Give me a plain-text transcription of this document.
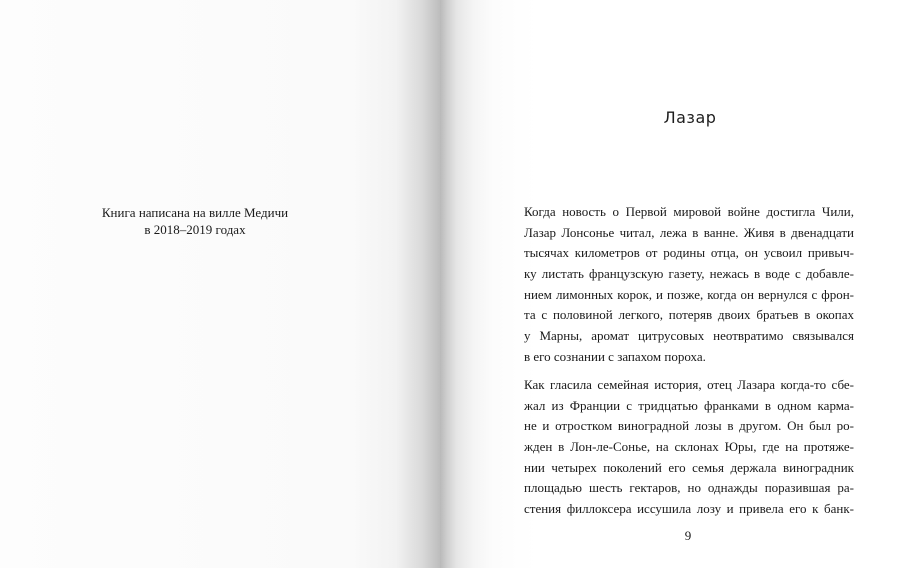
Книга написана на вилле Медичи
в 2018–2019 годах
Лазар
Когда новость о Первой мировой войне достигла Чили,
Лазар Лонсонье читал, лежа в ванне. Живя в двенадцати
тысячах километров от родины отца, он усвоил привыч-
ку листать французскую газету, нежась в воде с добавле-
нием лимонных корок, и позже, когда он вернулся с фрон-
та с половиной легкого, потеряв двоих братьев в окопах
у Марны, аромат цитрусовых неотвратимо связывался
в его сознании с запахом пороха.
Как гласила семейная история, отец Лазара когда-то сбе-
жал из Франции с тридцатью франками в одном карма-
не и отростком виноградной лозы в другом. Он был ро-
жден в Лон-ле-Сонье, на склонах Юры, где на протяже-
нии четырех поколений его семья держала виноградник
площадью шесть гектаров, но однажды поразившая ра-
стения филлоксера иссушила лозу и привела его к банк-
9
